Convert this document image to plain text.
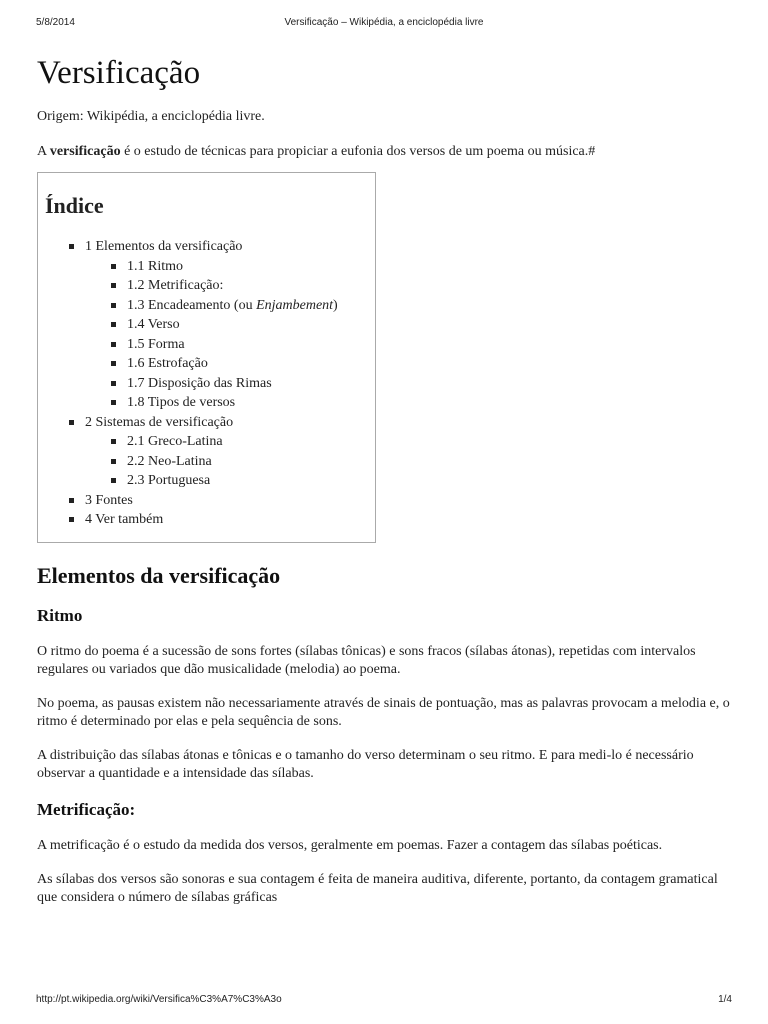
5/8/2014	Versificação – Wikipédia, a enciclopédia livre
Versificação

Origem: Wikipédia, a enciclopédia livre.

A versificação é o estudo de técnicas para propiciar a eufonia dos versos de um poema ou música.#

Índice
1 Elementos da versificação
1.1 Ritmo
1.2 Metrificação:
1.3 Encadeamento (ou Enjambement)
1.4 Verso
1.5 Forma
1.6 Estrofação
1.7 Disposição das Rimas
1.8 Tipos de versos
2 Sistemas de versificação
2.1 Greco-Latina
2.2 Neo-Latina
2.3 Portuguesa
3 Fontes
4 Ver também
Elementos da versificação
Ritmo

O ritmo do poema é a sucessão de sons fortes (sílabas tônicas) e sons fracos (sílabas átonas), repetidas com intervalos regulares ou variados que dão musicalidade (melodia) ao poema.

No poema, as pausas existem não necessariamente através de sinais de pontuação, mas as palavras provocam a melodia e, o ritmo é determinado por elas e pela sequência de sons.

A distribuição das sílabas átonas e tônicas e o tamanho do verso determinam o seu ritmo. E para medi-lo é necessário observar a quantidade e a intensidade das sílabas.

Metrificação:

A metrificação é o estudo da medida dos versos, geralmente em poemas. Fazer a contagem das sílabas poéticas.

As sílabas dos versos são sonoras e sua contagem é feita de maneira auditiva, diferente, portanto, da contagem gramatical que considera o número de sílabas gráficas

http://pt.wikipedia.org/wiki/Versifica%C3%A7%C3%A3o	1/4
